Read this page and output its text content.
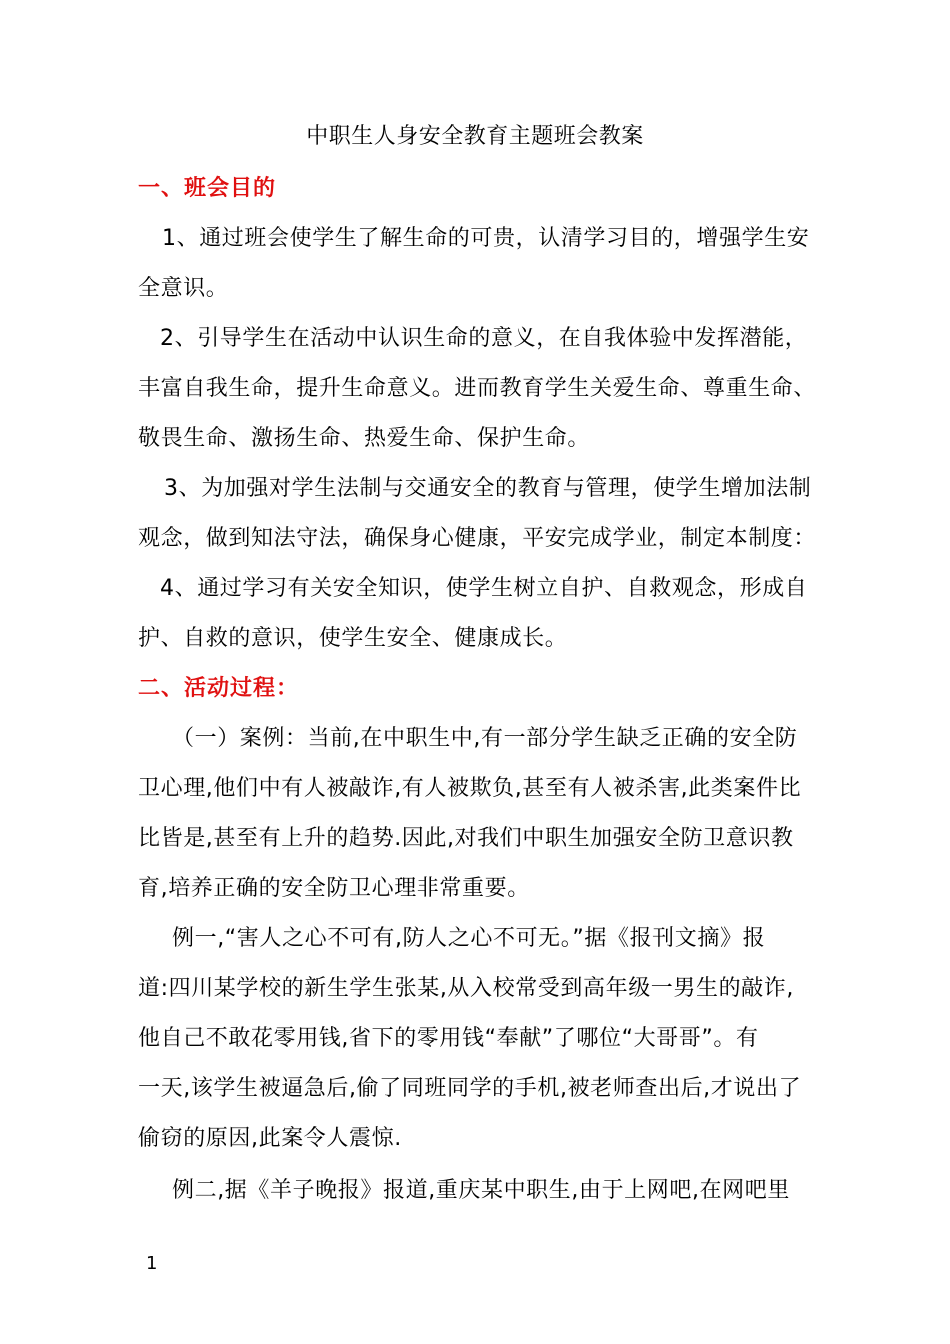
中职生人身安全教育主题班会教案
一、班会目的
1、通过班会使学生了解生命的可贵，认清学习目的，增强学生安
全意识。
2、引导学生在活动中认识生命的意义，在自我体验中发挥潜能，
丰富自我生命，提升生命意义。进而教育学生关爱生命、尊重生命、
敬畏生命、激扬生命、热爱生命、保护生命。
3、为加强对学生法制与交通安全的教育与管理，使学生增加法制
观念，做到知法守法，确保身心健康，平安完成学业，制定本制度：
4、通过学习有关安全知识，使学生树立自护、自救观念，形成自
护、自救的意识，使学生安全、健康成长。
二、活动过程：
（一）案例：当前,在中职生中,有一部分学生缺乏正确的安全防
卫心理,他们中有人被敲诈,有人被欺负,甚至有人被杀害,此类案件比
比皆是,甚至有上升的趋势.因此,对我们中职生加强安全防卫意识教
育,培养正确的安全防卫心理非常重要。
例一,“害人之心不可有,防人之心不可无。”据《报刊文摘》报
道:四川某学校的新生学生张某,从入校常受到高年级一男生的敲诈,
他自己不敢花零用钱,省下的零用钱“奉献”了哪位“大哥哥”。有
一天,该学生被逼急后,偷了同班同学的手机,被老师查出后,才说出了
偷窃的原因,此案令人震惊.
例二,据《羊子晚报》报道,重庆某中职生,由于上网吧,在网吧里
1
